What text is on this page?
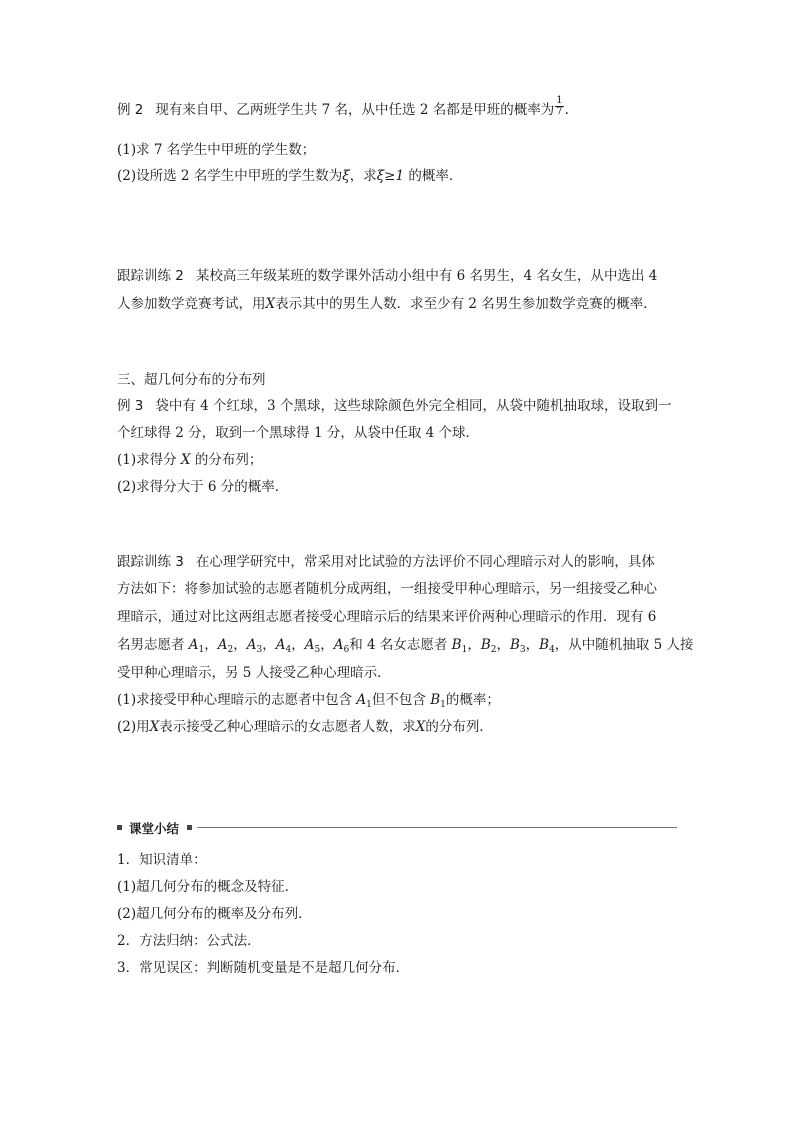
例 2 现有来自甲、乙两班学生共 7 名，从中任选 2 名都是甲班的概率为 $\frac{1}{7}$ .
(1)求 7 名学生中甲班的学生数；
(2)设所选 2 名学生中甲班的学生数为ξ，求ξ≥1 的概率．
跟踪训练 2 某校高三年级某班的数学课外活动小组中有 6 名男生，4 名女生，从中选出 4
人参加数学竞赛考试，用X表示其中的男生人数．求至少有 2 名男生参加数学竞赛的概率．
三、超几何分布的分布列
例 3 袋中有 4 个红球，3 个黑球，这些球除颜色外完全相同，从袋中随机抽取球，设取到一
个红球得 2 分，取到一个黑球得 1 分，从袋中任取 4 个球．
(1)求得分 X 的分布列；
(2)求得分大于 6 分的概率．
跟踪训练 3 在心理学研究中，常采用对比试验的方法评价不同心理暗示对人的影响，具体
方法如下：将参加试验的志愿者随机分成两组，一组接受甲种心理暗示，另一组接受乙种心
理暗示，通过对比这两组志愿者接受心理暗示后的结果来评价两种心理暗示的作用．现有 6
名男志愿者 $A_1$，$A_2$，$A_3$，$A_4$，$A_5$，$A_6$和 4 名女志愿者 $B_1$，$B_2$，$B_3$，$B_4$，从中随机抽取 5 人接
受甲种心理暗示，另 5 人接受乙种心理暗示．
(1)求接受甲种心理暗示的志愿者中包含 $A_1$但不包含 $B_1$的概率；
(2)用X表示接受乙种心理暗示的女志愿者人数，求X的分布列．
课堂小结
1．知识清单：
(1)超几何分布的概念及特征．
(2)超几何分布的概率及分布列．
2．方法归纳：公式法．
3．常见误区：判断随机变量是不是超几何分布．
